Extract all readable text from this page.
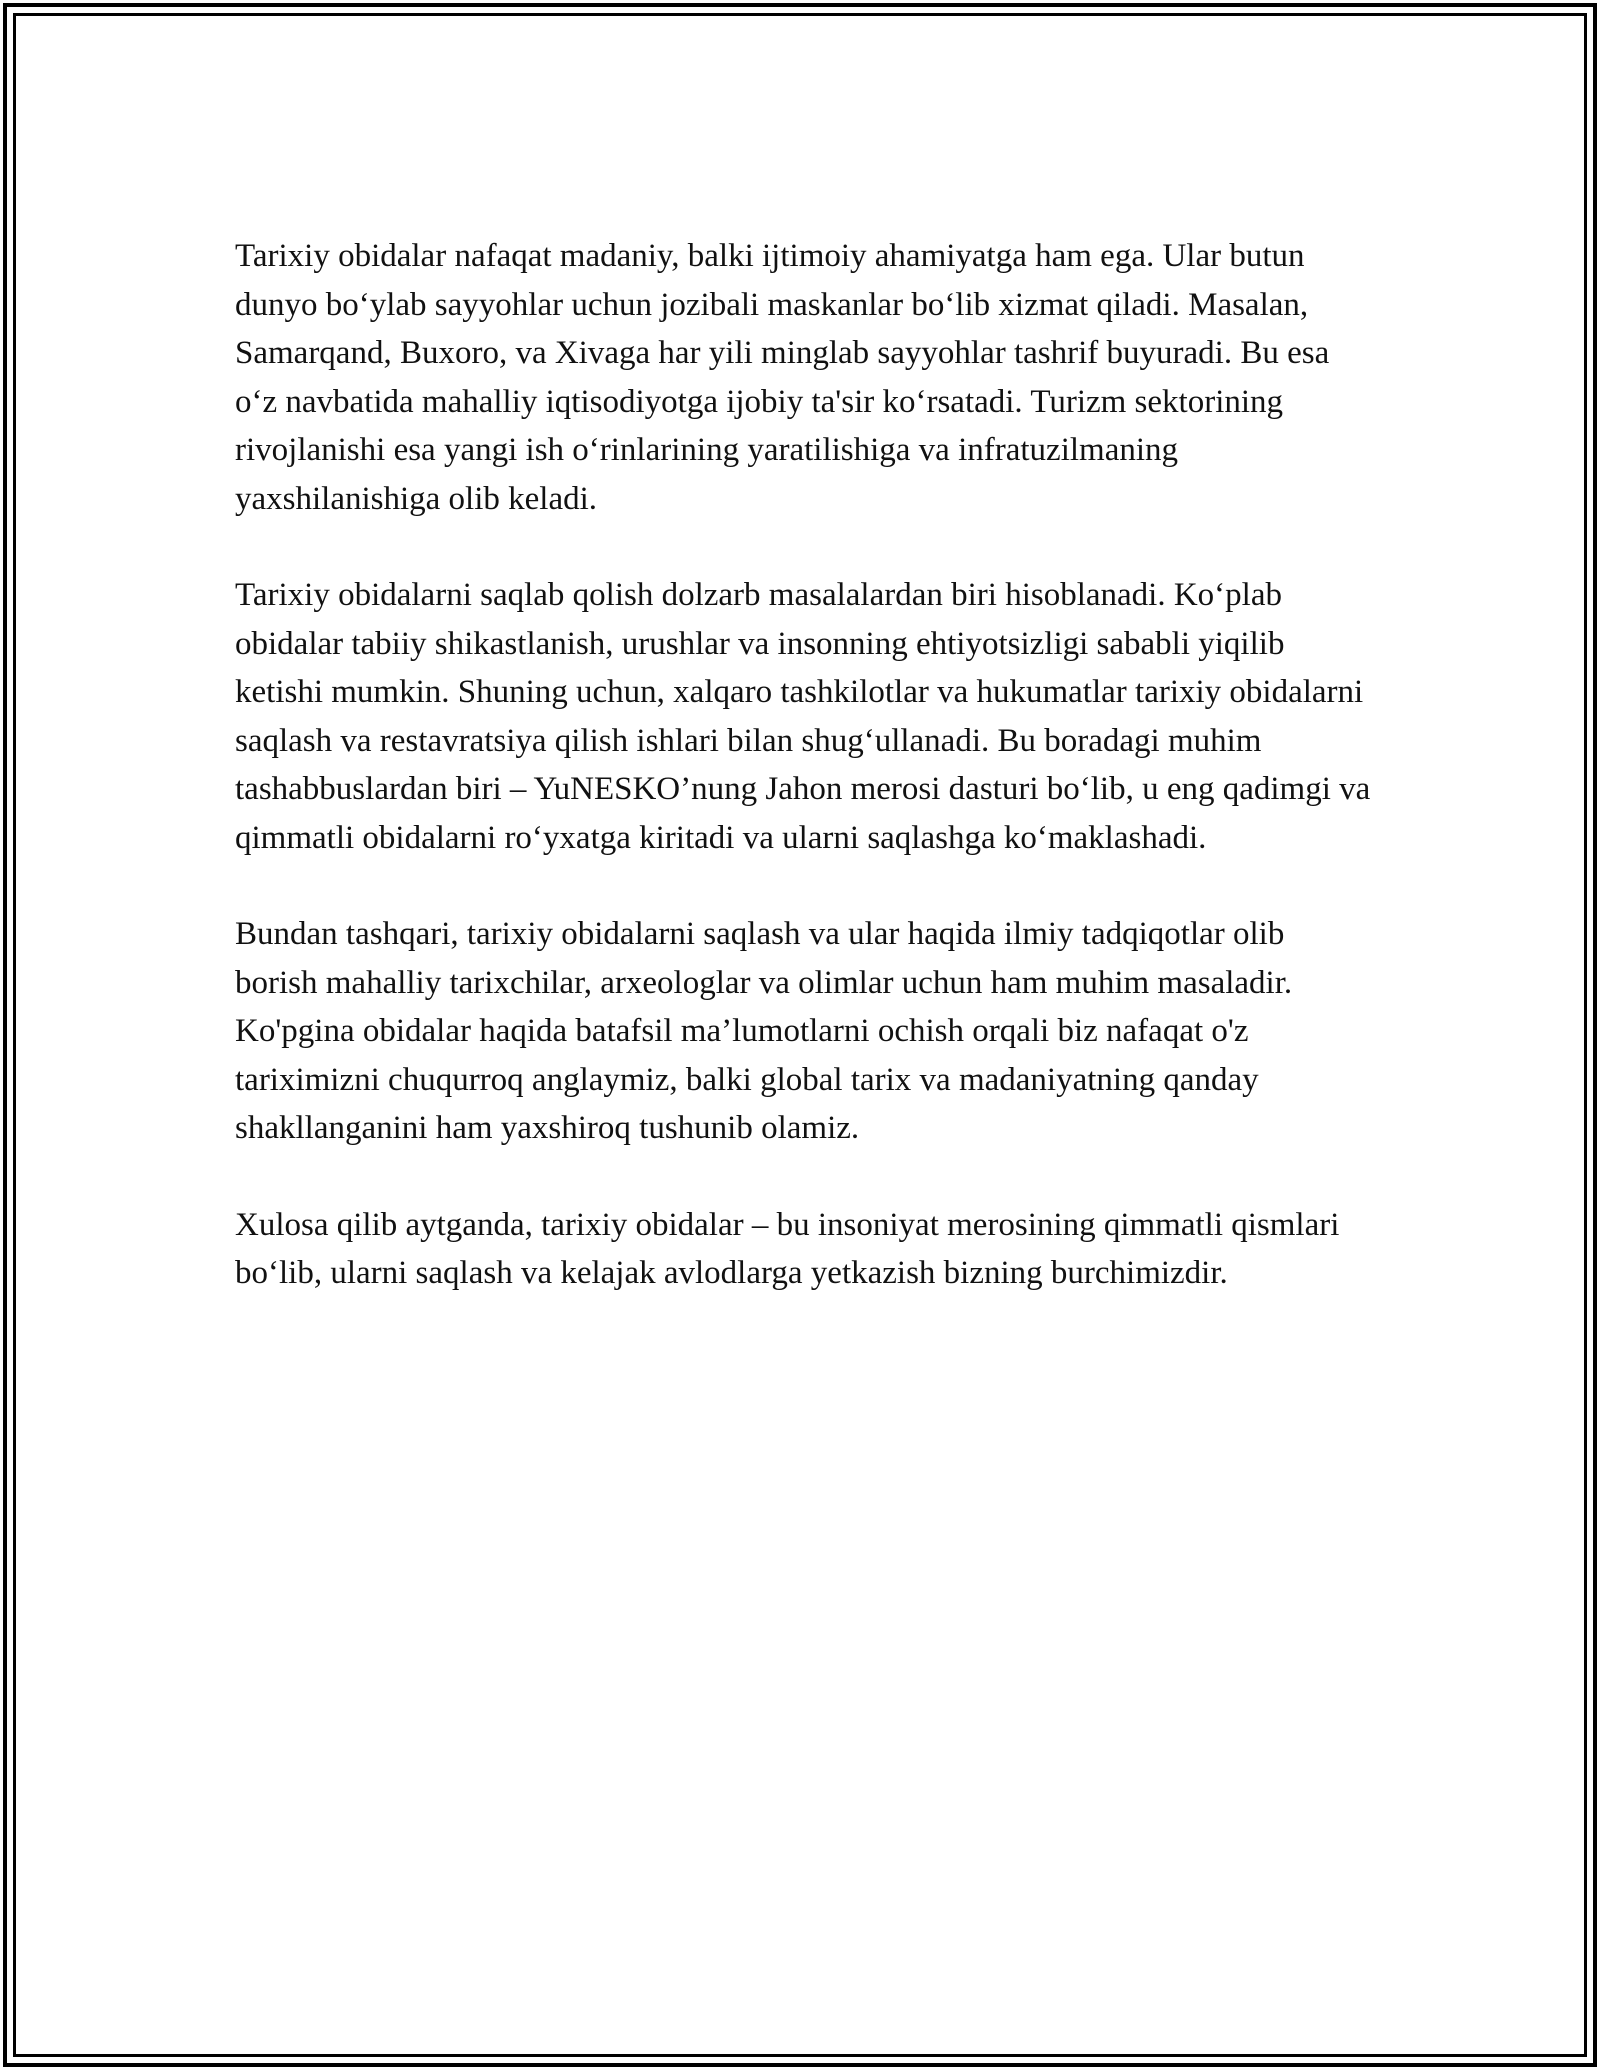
Tarixiy obidalar nafaqat madaniy, balki ijtimoiy ahamiyatga ham ega. Ular butun dunyo bo‘ylab sayyohlar uchun jozibali maskanlar bo‘lib xizmat qiladi. Masalan, Samarqand, Buxoro, va Xivaga har yili minglab sayyohlar tashrif buyuradi. Bu esa o‘z navbatida mahalliy iqtisodiyotga ijobiy ta'sir ko‘rsatadi. Turizm sektorining rivojlanishi esa yangi ish o‘rinlarining yaratilishiga va infratuzilmaning yaxshilanishiga olib keladi.

Tarixiy obidalarni saqlab qolish dolzarb masalalardan biri hisoblanadi. Ko‘plab obidalar tabiiy shikastlanish, urushlar va insonning ehtiyotsizligi sababli yiqilib ketishi mumkin. Shuning uchun, xalqaro tashkilotlar va hukumatlar tarixiy obidalarni saqlash va restavratsiya qilish ishlari bilan shug‘ullanadi. Bu boradagi muhim tashabbuslardan biri – YuNESKO’nung Jahon merosi dasturi bo‘lib, u eng qadimgi va qimmatli obidalarni ro‘yxatga kiritadi va ularni saqlashga ko‘maklashadi.

Bundan tashqari, tarixiy obidalarni saqlash va ular haqida ilmiy tadqiqotlar olib borish mahalliy tarixchilar, arxeologlar va olimlar uchun ham muhim masaladir. Ko'pgina obidalar haqida batafsil ma’lumotlarni ochish orqali biz nafaqat o'z tariximizni chuqurroq anglaymiz, balki global tarix va madaniyatning qanday shakllanganini ham yaxshiroq tushunib olamiz.

Xulosa qilib aytganda, tarixiy obidalar – bu insoniyat merosining qimmatli qismlari bo‘lib, ularni saqlash va kelajak avlodlarga yetkazish bizning burchimizdir.
